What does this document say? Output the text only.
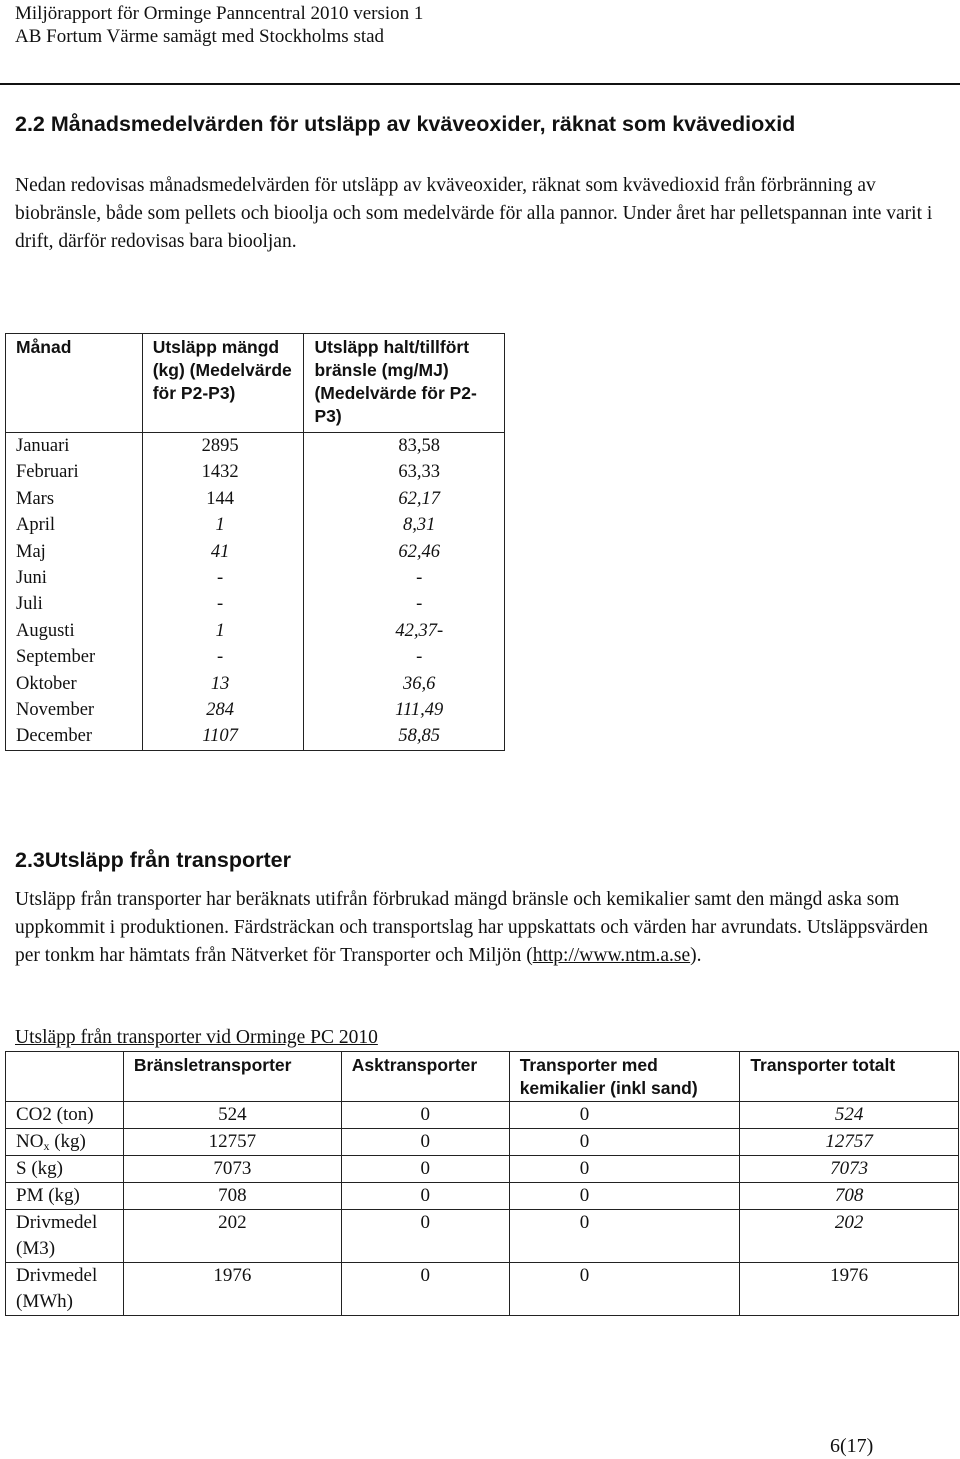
Miljörapport för Orminge Panncentral 2010 version 1
AB Fortum Värme samägt med Stockholms stad
2.2 Månadsmedelvärden för utsläpp av kväveoxider, räknat som kvävedioxid

Nedan redovisas månadsmedelvärden för utsläpp av kväveoxider, räknat som kvävedioxid från förbränning av biobränsle, både som pellets och bioolja och som medelvärde för alla pannor. Under året har pelletspannan inte varit i drift, därför redovisas bara biooljan.

Månad	Utsläpp mängd (kg) (Medelvärde för P2-P3)	Utsläpp halt/tillfört bränsle (mg/MJ) (Medelvärde för P2-P3)
Januari	2895	83,58
Februari	1432	63,33
Mars	144	62,17
April	1	8,31
Maj	41	62,46
Juni	-	-
Juli	-	-
Augusti	1	42,37-
September	-	-
Oktober	13	36,6
November	284	111,49
December	1107	58,85
2.3Utsläpp från transporter

Utsläpp från transporter har beräknats utifrån förbrukad mängd bränsle och kemikalier samt den mängd aska som uppkommit i produktionen. Färdsträckan och transportslag har uppskattats och värden har avrundats. Utsläppsvärden per tonkm har hämtats från Nätverket för Transporter och Miljön (http://www.ntm.a.se).

Utsläpp från transporter vid Orminge PC 2010
	Bränsletransporter	Asktransporter	Transporter med kemikalier (inkl sand)	Transporter totalt
CO2 (ton)	524	0	0	524
$NO_x$ (kg)	12757	0	0	12757
S (kg)	7073	0	0	7073
PM (kg)	708	0	0	708
Drivmedel (M3)	202	0	0	202
Drivmedel (MWh)	1976	0	0	1976
6(17)
